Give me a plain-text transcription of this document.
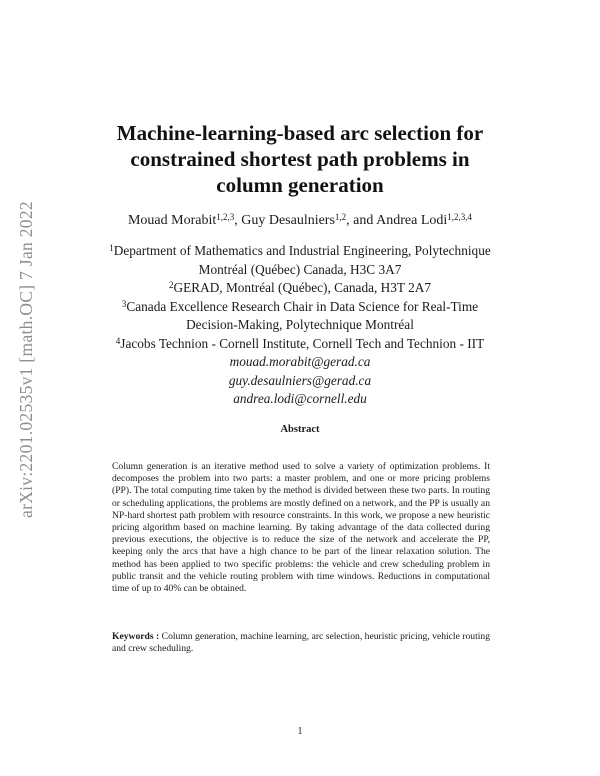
arXiv:2201.02535v1 [math.OC] 7 Jan 2022
Machine-learning-based arc selection for
constrained shortest path problems in
column generation
Mouad Morabit$^{1,2,3}$, Guy Desaulniers$^{1,2}$, and Andrea Lodi$^{1,2,3,4}$
$^1$Department of Mathematics and Industrial Engineering, Polytechnique
Montréal (Québec) Canada, H3C 3A7
$^2$GERAD, Montréal (Québec), Canada, H3T 2A7
$^3$Canada Excellence Research Chair in Data Science for Real-Time
Decision-Making, Polytechnique Montréal
$^4$Jacobs Technion - Cornell Institute, Cornell Tech and Technion - IIT
mouad.morabit@gerad.ca
guy.desaulniers@gerad.ca
andrea.lodi@cornell.edu
Abstract
Column generation is an iterative method used to solve a variety of optimization problems. It decomposes the problem into two parts: a master problem, and one or more pricing problems (PP). The total computing time taken by the method is divided between these two parts. In routing or scheduling applications, the problems are mostly defined on a network, and the PP is usually an NP-hard shortest path problem with resource constraints. In this work, we propose a new heuristic pricing algorithm based on machine learning. By taking advantage of the data collected during previous executions, the objective is to reduce the size of the network and accelerate the PP, keeping only the arcs that have a high chance to be part of the linear relaxation solution. The method has been applied to two specific problems: the vehicle and crew scheduling problem in public transit and the vehicle routing problem with time windows. Reductions in computational time of up to 40% can be obtained.
Keywords : Column generation, machine learning, arc selection, heuristic pricing, vehicle routing and crew scheduling.
1
